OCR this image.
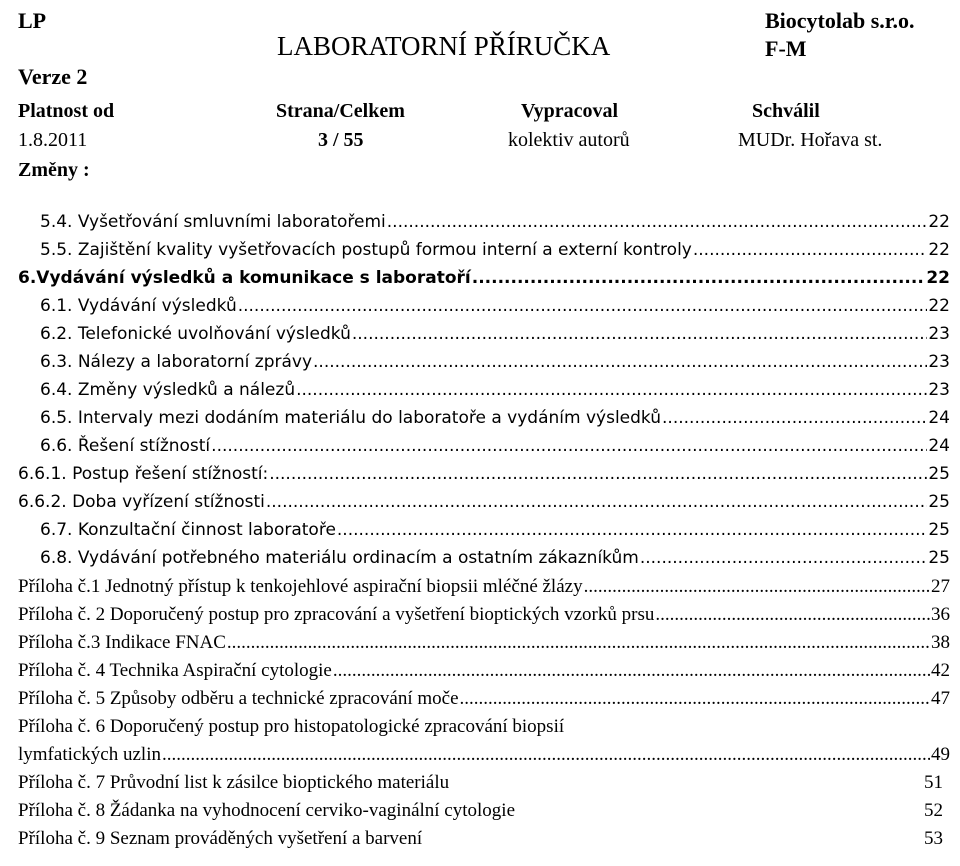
LP
Verze 2
LABORATORNÍ PŘÍRUČKA
Biocytolab s.r.o.
F-M
Platnost od	Strana/Celkem	Vypracoval	Schválil
1.8.2011	3 / 55	kolektiv autorů	MUDr. Hořava st.
Změny :
5.4. Vyšetřování smluvními laboratořemi .....	22
5.5. Zajištění kvality vyšetřovacích postupů formou interní a externí kontroly .....	22
6.Vydávání výsledků a komunikace s laboratoří .....	22
6.1. Vydávání výsledků .....	22
6.2. Telefonické uvolňování výsledků .....	23
6.3. Nálezy a laboratorní zprávy .....	23
6.4. Změny výsledků a nálezů .....	23
6.5. Intervaly mezi dodáním materiálu do laboratoře a vydáním výsledků .....	24
6.6. Řešení stížností .....	24
6.6.1. Postup řešení stížností: .....	25
6.6.2. Doba vyřízení stížnosti .....	25
6.7. Konzultační činnost laboratoře .....	25
6.8. Vydávání potřebného materiálu ordinacím a ostatním zákazníkům .....	25
Příloha č.1 Jednotný přístup k tenkojehlové aspirační biopsii mléčné žlázy .....	27
Příloha č. 2 Doporučený postup pro zpracování a vyšetření bioptických vzorků prsu .....	36
Příloha č.3 Indikace FNAC .....	38
Příloha č. 4 Technika Aspirační cytologie .....	42
Příloha č. 5 Způsoby odběru a technické zpracování moče .....	47
Příloha č. 6 Doporučený postup pro histopatologické zpracování biopsií
lymfatických uzlin .....	49
Příloha č. 7 Průvodní list k zásilce bioptického materiálu	51
Příloha č. 8 Žádanka na vyhodnocení cerviko-vaginální cytologie	52
Příloha č. 9 Seznam prováděných vyšetření a barvení	53
